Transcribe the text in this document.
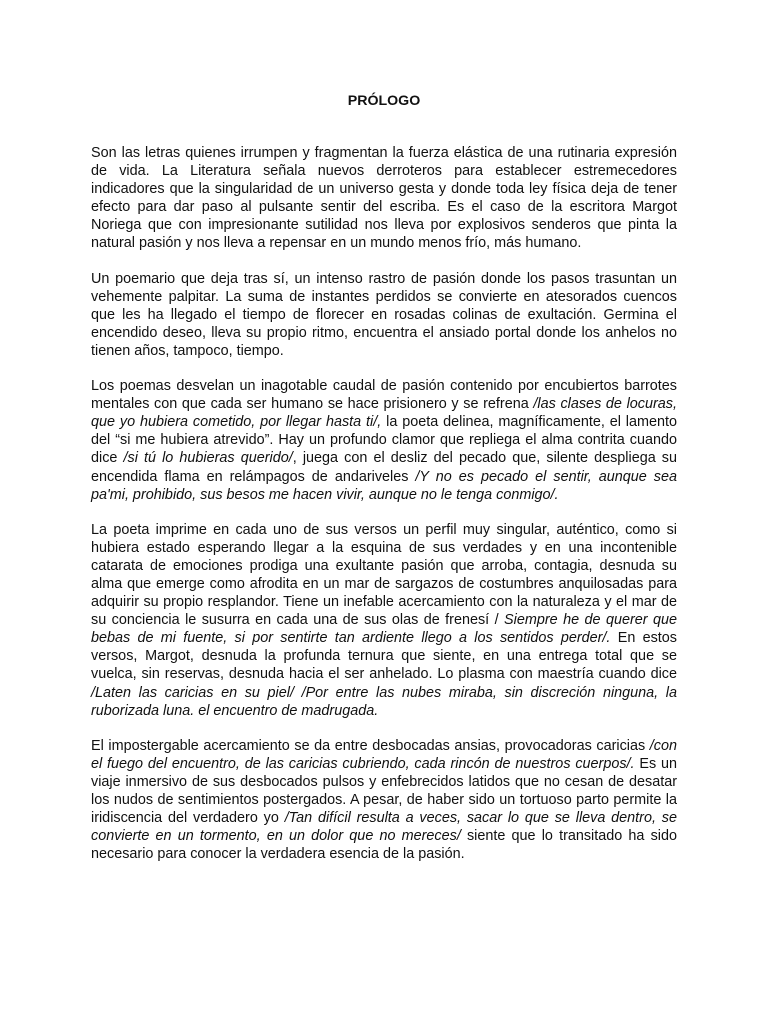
PRÓLOGO

Son las letras quienes irrumpen y fragmentan la fuerza elástica de una rutinaria expresión de vida. La Literatura señala nuevos derroteros para establecer estremecedores indicadores que la singularidad de un universo gesta y donde toda ley física deja de tener efecto para dar paso al pulsante sentir del escriba. Es el caso de la escritora Margot Noriega que con impresionante sutilidad nos lleva por explosivos senderos que pinta la natural pasión y nos lleva a repensar en un mundo menos frío, más humano.

Un poemario que deja tras sí, un intenso rastro de pasión donde los pasos trasuntan un vehemente palpitar. La suma de instantes perdidos se convierte en atesorados cuencos que les ha llegado el tiempo de florecer en rosadas colinas de exultación. Germina el encendido deseo, lleva su propio ritmo, encuentra el ansiado portal donde los anhelos no tienen años, tampoco, tiempo.

Los poemas desvelan un inagotable caudal de pasión contenido por encubiertos barrotes mentales con que cada ser humano se hace prisionero y se refrena /las clases de locuras, que yo hubiera cometido, por llegar hasta ti/, la poeta delinea, magníficamente, el lamento del “si me hubiera atrevido”. Hay un profundo clamor que repliega el alma contrita cuando dice /si tú lo hubieras querido/, juega con el desliz del pecado que, silente despliega su encendida flama en relámpagos de andariveles /Y no es pecado el sentir, aunque sea pa'mi, prohibido, sus besos me hacen vivir, aunque no le tenga conmigo/.

La poeta imprime en cada uno de sus versos un perfil muy singular, auténtico, como si hubiera estado esperando llegar a la esquina de sus verdades y en una incontenible catarata de emociones prodiga una exultante pasión que arroba, contagia, desnuda su alma que emerge como afrodita en un mar de sargazos de costumbres anquilosadas para adquirir su propio resplandor. Tiene un inefable acercamiento con la naturaleza y el mar de su conciencia le susurra en cada una de sus olas de frenesí / Siempre he de querer que bebas de mi fuente, si por sentirte tan ardiente llego a los sentidos perder/. En estos versos, Margot, desnuda la profunda ternura que siente, en una entrega total que se vuelca, sin reservas, desnuda hacia el ser anhelado. Lo plasma con maestría cuando dice /Laten las caricias en su piel/ /Por entre las nubes miraba, sin discreción ninguna, la ruborizada luna. el encuentro de madrugada.

El impostergable acercamiento se da entre desbocadas ansias, provocadoras caricias /con el fuego del encuentro, de las caricias cubriendo, cada rincón de nuestros cuerpos/. Es un viaje inmersivo de sus desbocados pulsos y enfebrecidos latidos que no cesan de desatar los nudos de sentimientos postergados. A pesar, de haber sido un tortuoso parto permite la iridiscencia del verdadero yo /Tan difícil resulta a veces, sacar lo que se lleva dentro, se convierte en un tormento, en un dolor que no mereces/ siente que lo transitado ha sido necesario para conocer la verdadera esencia de la pasión.
